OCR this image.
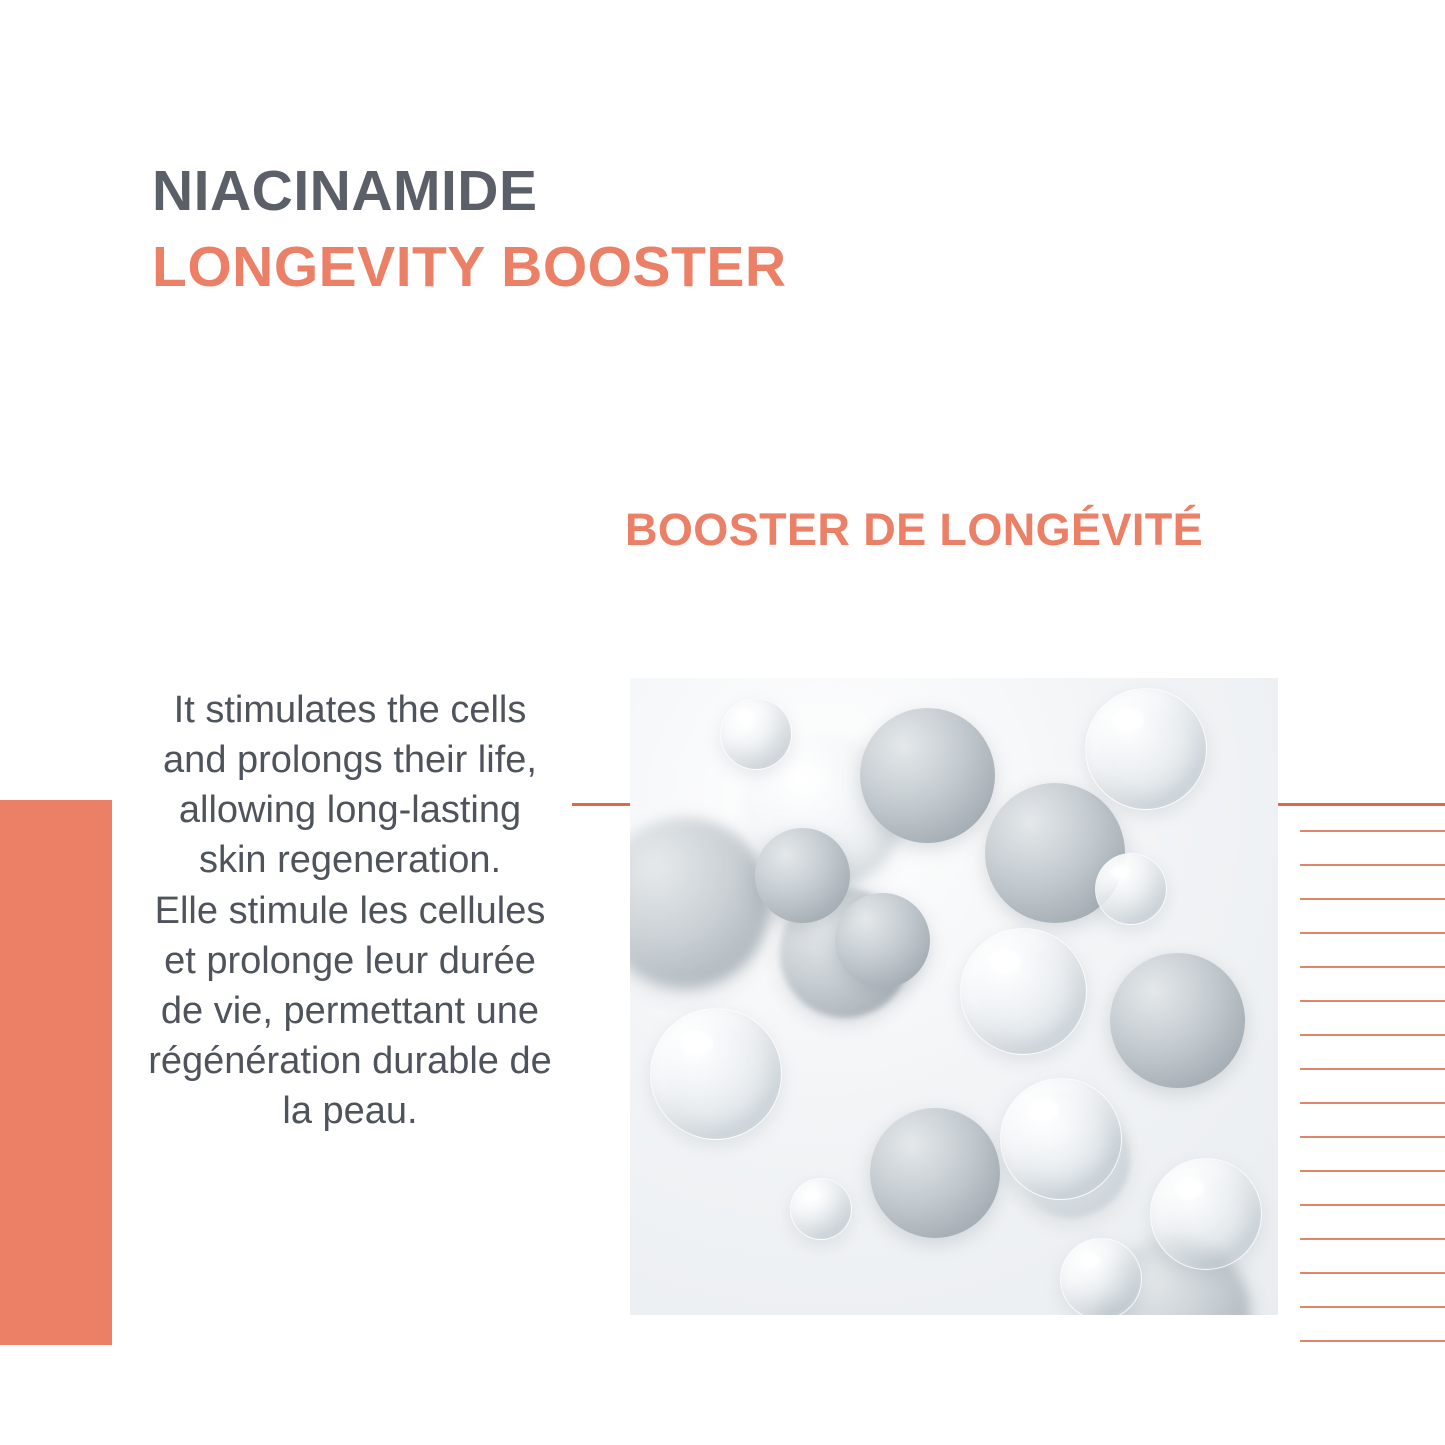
NIACINAMIDE
LONGEVITY BOOSTER
BOOSTER DE LONGÉVITÉ

It stimulates the cells and prolongs their life, allowing long-lasting skin regeneration.

Elle stimule les cellules et prolonge leur durée de vie, permettant une régénération durable de la peau.
